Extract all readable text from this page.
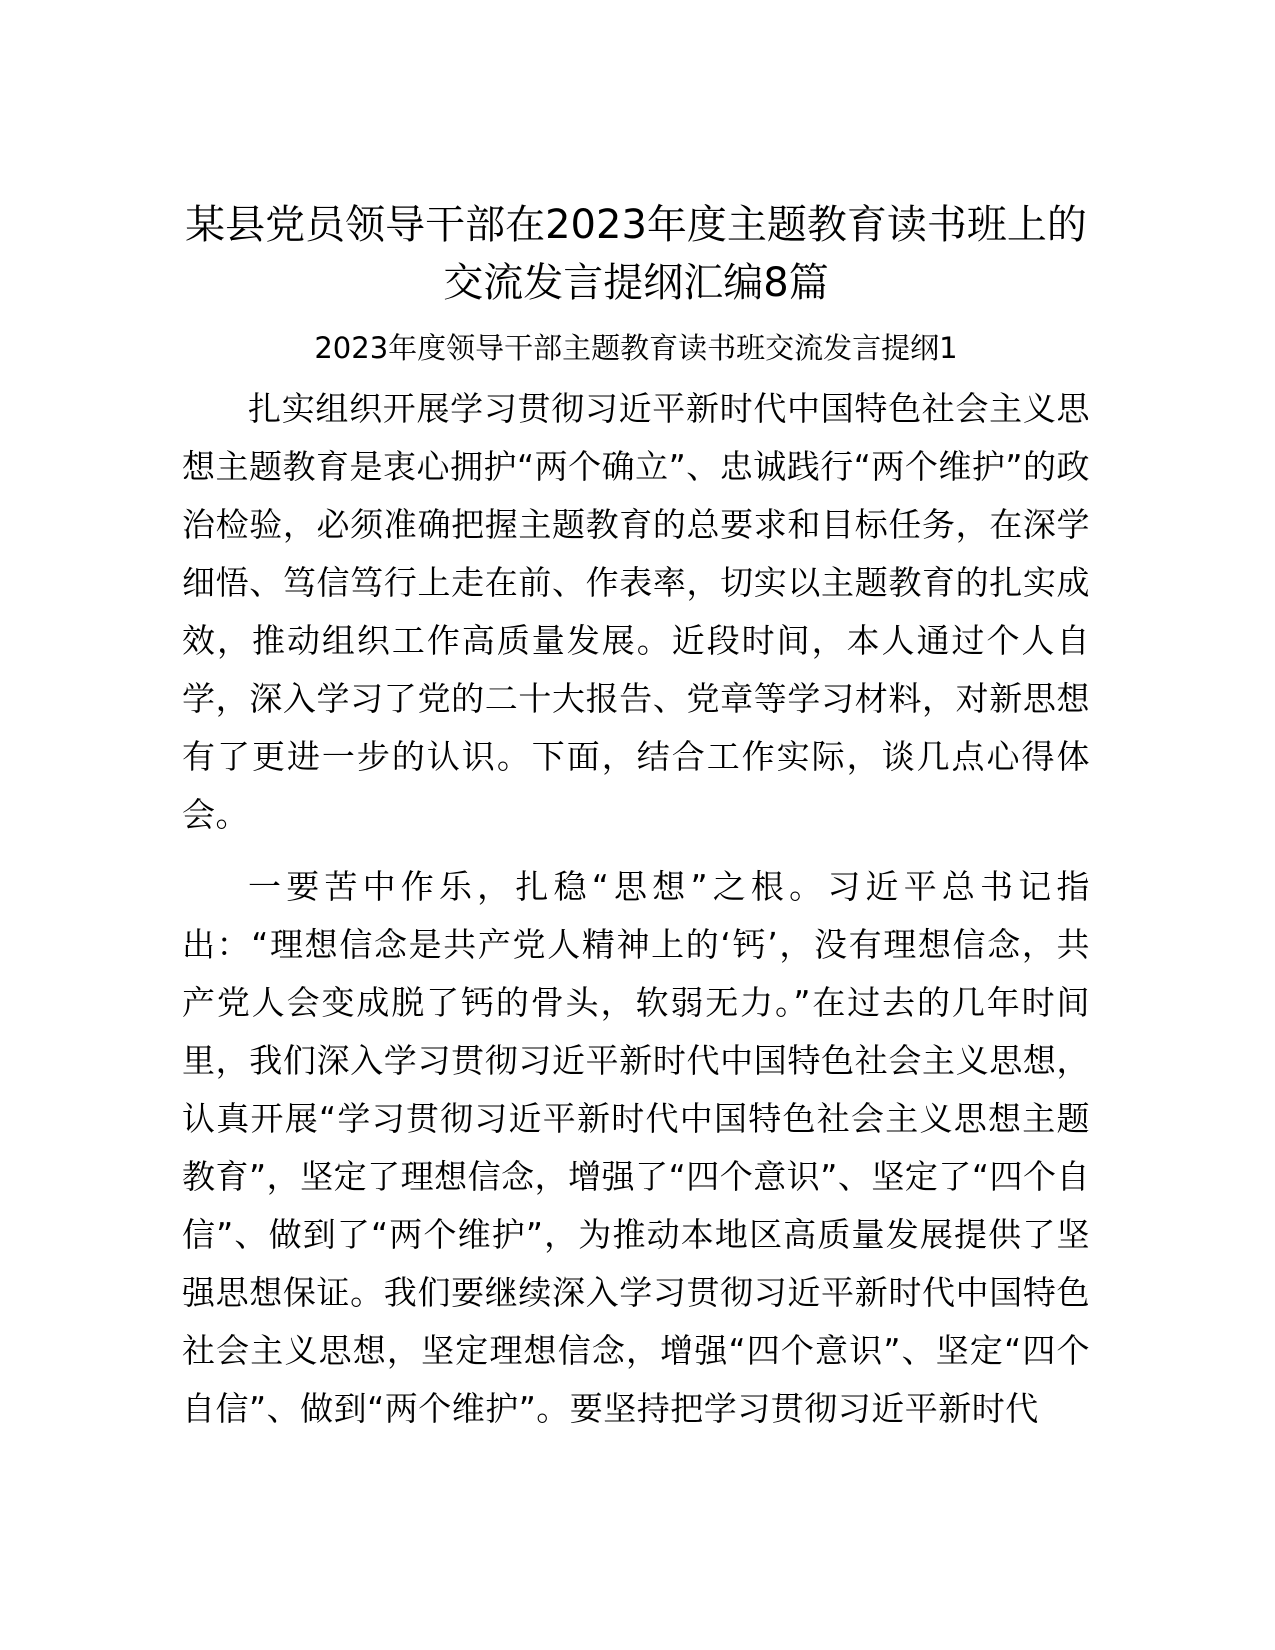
某县党员领导干部在2023年度主题教育读书班上的交流发言提纲汇编8篇
2023年度领导干部主题教育读书班交流发言提纲1

扎实组织开展学习贯彻习近平新时代中国特色社会主义思想主题教育是衷心拥护“两个确立”、忠诚践行“两个维护”的政治检验，必须准确把握主题教育的总要求和目标任务，在深学细悟、笃信笃行上走在前、作表率，切实以主题教育的扎实成效，推动组织工作高质量发展。近段时间，本人通过个人自学，深入学习了党的二十大报告、党章等学习材料，对新思想有了更进一步的认识。下面，结合工作实际，谈几点心得体会。

一要苦中作乐，扎稳“思想”之根。习近平总书记指出：“理想信念是共产党人精神上的‘钙’，没有理想信念，共产党人会变成脱了钙的骨头，软弱无力。”在过去的几年时间里，我们深入学习贯彻习近平新时代中国特色社会主义思想，认真开展“学习贯彻习近平新时代中国特色社会主义思想主题教育”，坚定了理想信念，增强了“四个意识”、坚定了“四个自信”、做到了“两个维护”，为推动本地区高质量发展提供了坚强思想保证。我们要继续深入学习贯彻习近平新时代中国特色社会主义思想，坚定理想信念，增强“四个意识”、坚定“四个自信”、做到“两个维护”。要坚持把学习贯彻习近平新时代
